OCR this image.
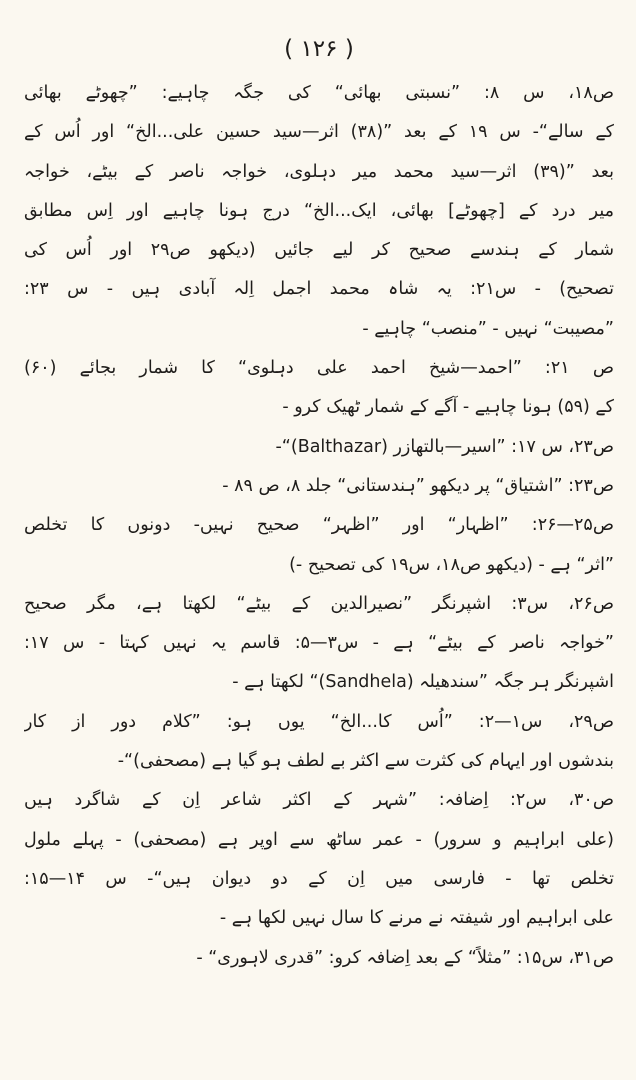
( ۱۲۶ )
ص۱۸، س ۸: ”نسبتی بھائی“ کی جگہ چاہیے: ”چھوٹے بھائی
کے سالے“- س ۱۹ کے بعد ”(۳۸) اثر—سید حسین علی...الخ“ اور اُس کے
بعد ”(۳۹) اثر—سید محمد میر دہلوی، خواجہ ناصر کے بیٹے، خواجہ
میر درد کے [چھوٹے] بھائی، ایک...الخ“ درج ہونا چاہیے اور اِس مطابق
شمار کے ہندسے صحیح کر لیے جائیں (دیکھو ص۲۹ اور اُس کی
تصحیح) - س۲۱: یہ شاہ محمد اجمل اِلہ آبادی ہیں - س ۲۳:
”مصیبت“ نہیں - ”منصب“ چاہیے -
ص ۲۱: ”احمد—شیخ احمد علی دہلوی“ کا شمار بجائے (۶۰)
کے (۵۹) ہونا چاہیے - آگے کے شمار ٹھیک کرو -
ص۲۳، س ۱۷: ”اسیر—بالتھازر (Balthazar)“-
ص۲۳: ”اشتیاق“ پر دیکھو ”ہندستانی“ جلد ۸، ص ۸۹ -
ص۲۵—۲۶: ”اظہار“ اور ”اظہر“ صحیح نہیں- دونوں کا تخلص
”اثر“ ہے - (دیکھو ص۱۸، س۱۹ کی تصحیح -)
ص۲۶، س۳: اشپرنگر ”نصیرالدین کے بیٹے“ لکھتا ہے، مگر صحیح
”خواجہ ناصر کے بیٹے“ ہے - س۳—۵: قاسم یہ نہیں کہتا - س ۱۷:
اشپرنگر ہر جگہ ”سندھیلہ (Sandhela)“ لکھتا ہے -
ص۲۹، س۱—۲: ”اُس کا...الخ“ یوں ہو: ”کلام دور از کار
بندشوں اور ایہام کی کثرت سے اکثر بے لطف ہو گیا ہے (مصحفی)“-
ص۳۰، س۲: اِضافہ: ”شہر کے اکثر شاعر اِن کے شاگرد ہیں
(علی ابراہیم و سرور) - عمر ساٹھ سے اوپر ہے (مصحفی) - پہلے ملول
تخلص تھا - فارسی میں اِن کے دو دیوان ہیں“- س ۱۴—۱۵:
علی ابراہیم اور شیفتہ نے مرنے کا سال نہیں لکھا ہے -
ص۳۱، س۱۵: ”مثلاً“ کے بعد اِضافہ کرو: ”قدری لاہوری“ -
